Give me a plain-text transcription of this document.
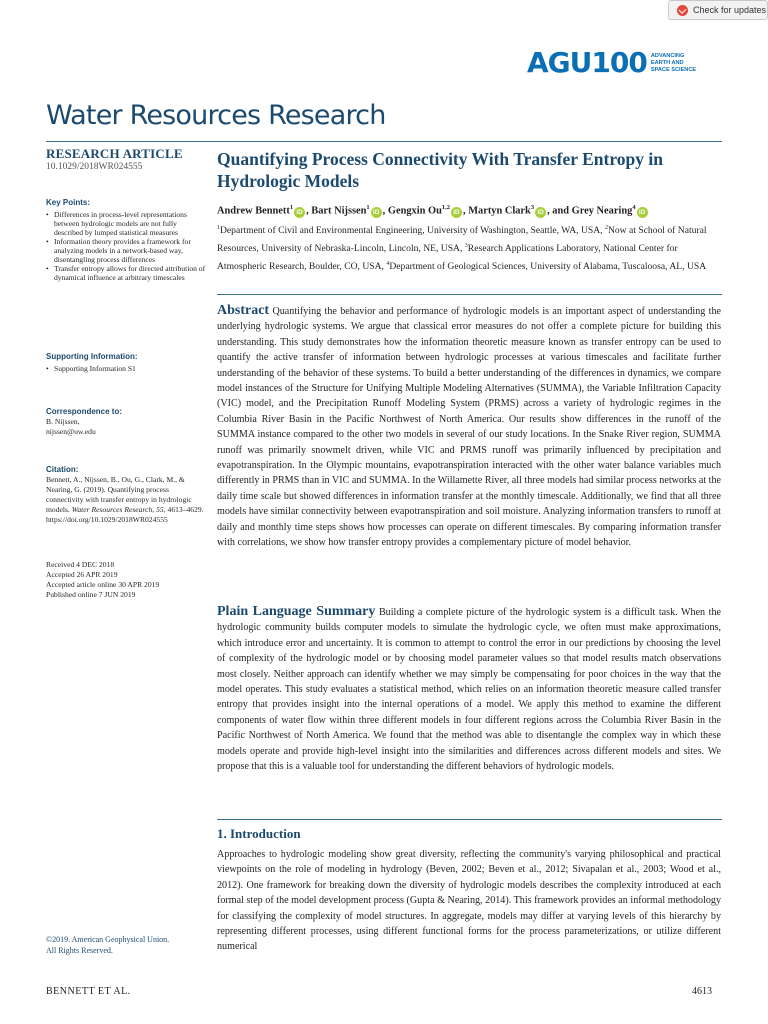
Check for updates
AGU100 ADVANCING
EARTH AND
SPACE SCIENCE
Water Resources Research
RESEARCH ARTICLE
10.1029/2018WR024555
Key Points:
• Differences in process-level representations between hydrologic models are not fully described by lumped statistical measures
• Information theory provides a framework for analyzing models in a network-based way, disentangling process differences
• Transfer entropy allows for directed attribution of dynamical influence at arbitrary timescales
Supporting Information:
• Supporting Information S1
Correspondence to:
B. Nijssen,
nijssen@uw.edu
Citation:
Bennett, A., Nijssen, B., Ou, G., Clark, M., & Nearing, G. (2019). Quantifying process connectivity with transfer entropy in hydrologic models. Water Resources Research, 55, 4613–4629.
https://doi.org/10.1029/2018WR024555
Received 4 DEC 2018
Accepted 26 APR 2019
Accepted article online 30 APR 2019
Published online 7 JUN 2019
©2019. American Geophysical Union.
All Rights Reserved.
Quantifying Process Connectivity With Transfer Entropy in Hydrologic Models
Andrew Bennett$^1$iD , Bart Nijssen$^1$iD , Gengxin Ou$^{1,2}$iD , Martyn Clark$^3$iD , and Grey Nearing$^4$iD
$^1$Department of Civil and Environmental Engineering, University of Washington, Seattle, WA, USA, $^2$Now at School of Natural Resources, University of Nebraska-Lincoln, Lincoln, NE, USA, $^3$Research Applications Laboratory, National Center for Atmospheric Research, Boulder, CO, USA, $^4$Department of Geological Sciences, University of Alabama, Tuscaloosa, AL, USA

Abstract Quantifying the behavior and performance of hydrologic models is an important aspect of understanding the underlying hydrologic systems. We argue that classical error measures do not offer a complete picture for building this understanding. This study demonstrates how the information theoretic measure known as transfer entropy can be used to quantify the active transfer of information between hydrologic processes at various timescales and facilitate further understanding of the behavior of these systems. To build a better understanding of the differences in dynamics, we compare model instances of the Structure for Unifying Multiple Modeling Alternatives (SUMMA), the Variable Infiltration Capacity (VIC) model, and the Precipitation Runoff Modeling System (PRMS) across a variety of hydrologic regimes in the Columbia River Basin in the Pacific Northwest of North America. Our results show differences in the runoff of the SUMMA instance compared to the other two models in several of our study locations. In the Snake River region, SUMMA runoff was primarily snowmelt driven, while VIC and PRMS runoff was primarily influenced by precipitation and evapotranspiration. In the Olympic mountains, evapotranspiration interacted with the other water balance variables much differently in PRMS than in VIC and SUMMA. In the Willamette River, all three models had similar process networks at the daily time scale but showed differences in information transfer at the monthly timescale. Additionally, we find that all three models have similar connectivity between evapotranspiration and soil moisture. Analyzing information transfers to runoff at daily and monthly time steps shows how processes can operate on different timescales. By comparing information transfer with correlations, we show how transfer entropy provides a complementary picture of model behavior.

Plain Language Summary Building a complete picture of the hydrologic system is a difficult task. When the hydrologic community builds computer models to simulate the hydrologic cycle, we often must make approximations, which introduce error and uncertainty. It is common to attempt to control the error in our predictions by choosing the level of complexity of the hydrologic model or by choosing model parameter values so that model results match observations most closely. Neither approach can identify whether we may simply be compensating for poor choices in the way that the model operates. This study evaluates a statistical method, which relies on an information theoretic measure called transfer entropy that provides insight into the internal operations of a model. We apply this method to examine the different components of water flow within three different models in four different regions across the Columbia River Basin in the Pacific Northwest of North America. We found that the method was able to disentangle the complex way in which these models operate and provide high-level insight into the similarities and differences across different models and sites. We propose that this is a valuable tool for understanding the different behaviors of hydrologic models.

1. Introduction

Approaches to hydrologic modeling show great diversity, reflecting the community's varying philosophical and practical viewpoints on the role of modeling in hydrology (Beven, 2002; Beven et al., 2012; Sivapalan et al., 2003; Wood et al., 2012). One framework for breaking down the diversity of hydrologic models describes the complexity introduced at each formal step of the model development process (Gupta & Nearing, 2014). This framework provides an informal methodology for classifying the complexity of model structures. In aggregate, models may differ at varying levels of this hierarchy by representing different processes, using different functional forms for the process parameterizations, or utilize different numerical

BENNETT ET AL.	4613
